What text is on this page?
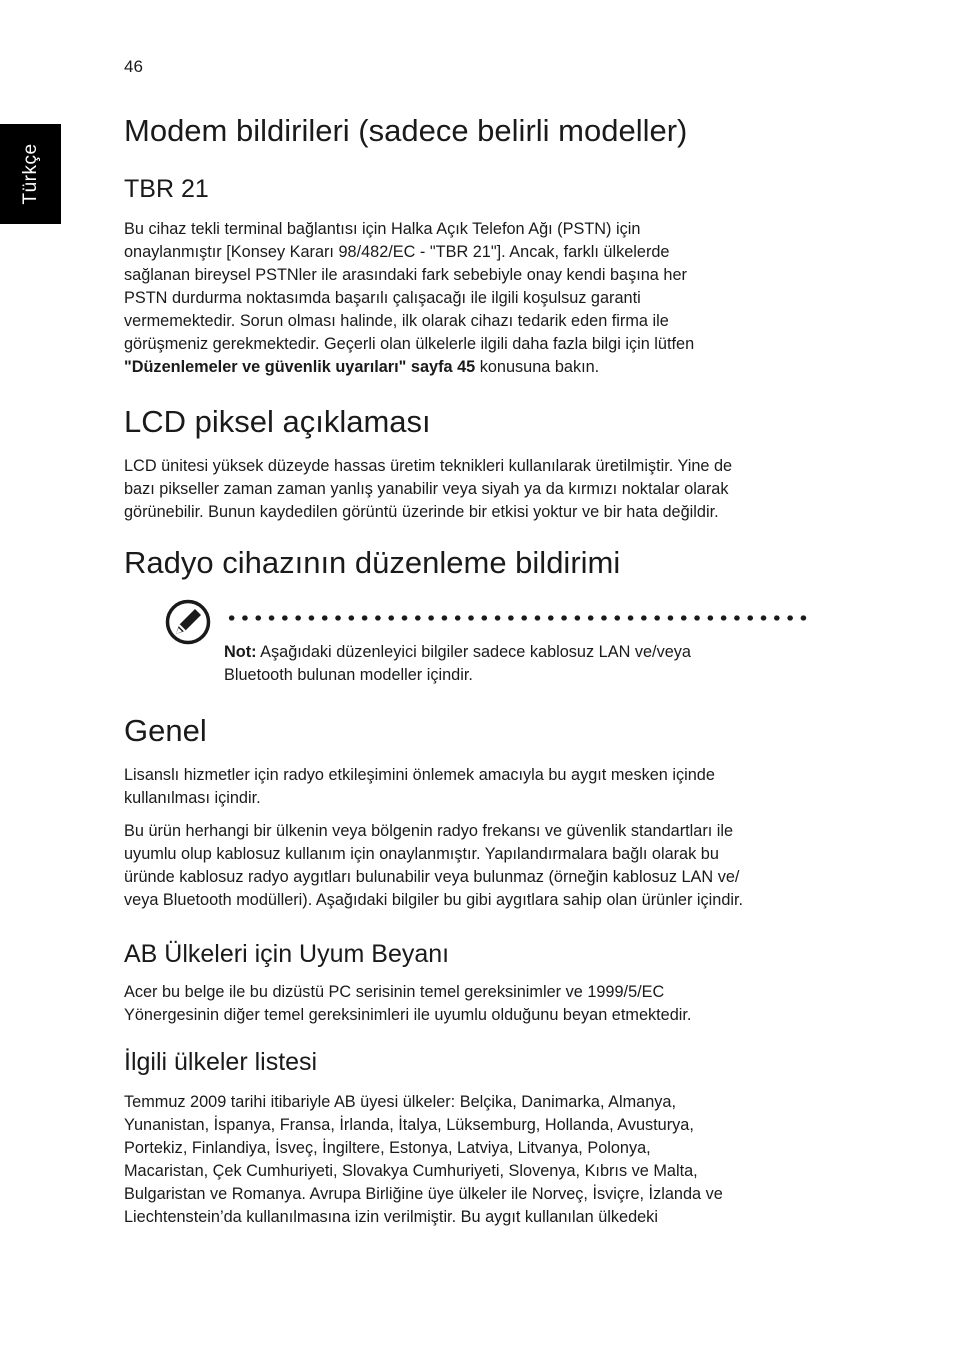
46
Türkçe
Modem bildirileri (sadece belirli modeller)
TBR 21

Bu cihaz tekli terminal bağlantısı için Halka Açık Telefon Ağı (PSTN) için
onaylanmıştır [Konsey Kararı 98/482/EC - "TBR 21"]. Ancak, farklı ülkelerde
sağlanan bireysel PSTNler ile arasındaki fark sebebiyle onay kendi başına her
PSTN durdurma noktasımda başarılı çalışacağı ile ilgili koşulsuz garanti
vermemektedir. Sorun olması halinde, ilk olarak cihazı tedarik eden firma ile
görüşmeniz gerekmektedir. Geçerli olan ülkelerle ilgili daha fazla bilgi için lütfen
"Düzenlemeler ve güvenlik uyarıları" sayfa 45 konusuna bakın.

LCD piksel açıklaması

LCD ünitesi yüksek düzeyde hassas üretim teknikleri kullanılarak üretilmiştir. Yine de
bazı pikseller zaman zaman yanlış yanabilir veya siyah ya da kırmızı noktalar olarak
görünebilir. Bunun kaydedilen görüntü üzerinde bir etkisi yoktur ve bir hata değildir.

Radyo cihazının düzenleme bildirimi
Genel

Lisanslı hizmetler için radyo etkileşimini önlemek amacıyla bu aygıt mesken içinde
kullanılması içindir.

Bu ürün herhangi bir ülkenin veya bölgenin radyo frekansı ve güvenlik standartları ile
uyumlu olup kablosuz kullanım için onaylanmıştır. Yapılandırmalara bağlı olarak bu
üründe kablosuz radyo aygıtları bulunabilir veya bulunmaz (örneğin kablosuz LAN ve/
veya Bluetooth modülleri). Aşağıdaki bilgiler bu gibi aygıtlara sahip olan ürünler içindir.

AB Ülkeleri için Uyum Beyanı

Acer bu belge ile bu dizüstü PC serisinin temel gereksinimler ve 1999/5/EC
Yönergesinin diğer temel gereksinimleri ile uyumlu olduğunu beyan etmektedir.

İlgili ülkeler listesi

Temmuz 2009 tarihi itibariyle AB üyesi ülkeler: Belçika, Danimarka, Almanya,
Yunanistan, İspanya, Fransa, İrlanda, İtalya, Lüksemburg, Hollanda, Avusturya,
Portekiz, Finlandiya, İsveç, İngiltere, Estonya, Latviya, Litvanya, Polonya,
Macaristan, Çek Cumhuriyeti, Slovakya Cumhuriyeti, Slovenya, Kıbrıs ve Malta,
Bulgaristan ve Romanya. Avrupa Birliğine üye ülkeler ile Norveç, İsviçre, İzlanda ve
Liechtenstein’da kullanılmasına izin verilmiştir. Bu aygıt kullanılan ülkedeki

Not: Aşağıdaki düzenleyici bilgiler sadece kablosuz LAN ve/veya
Bluetooth bulunan modeller içindir.
